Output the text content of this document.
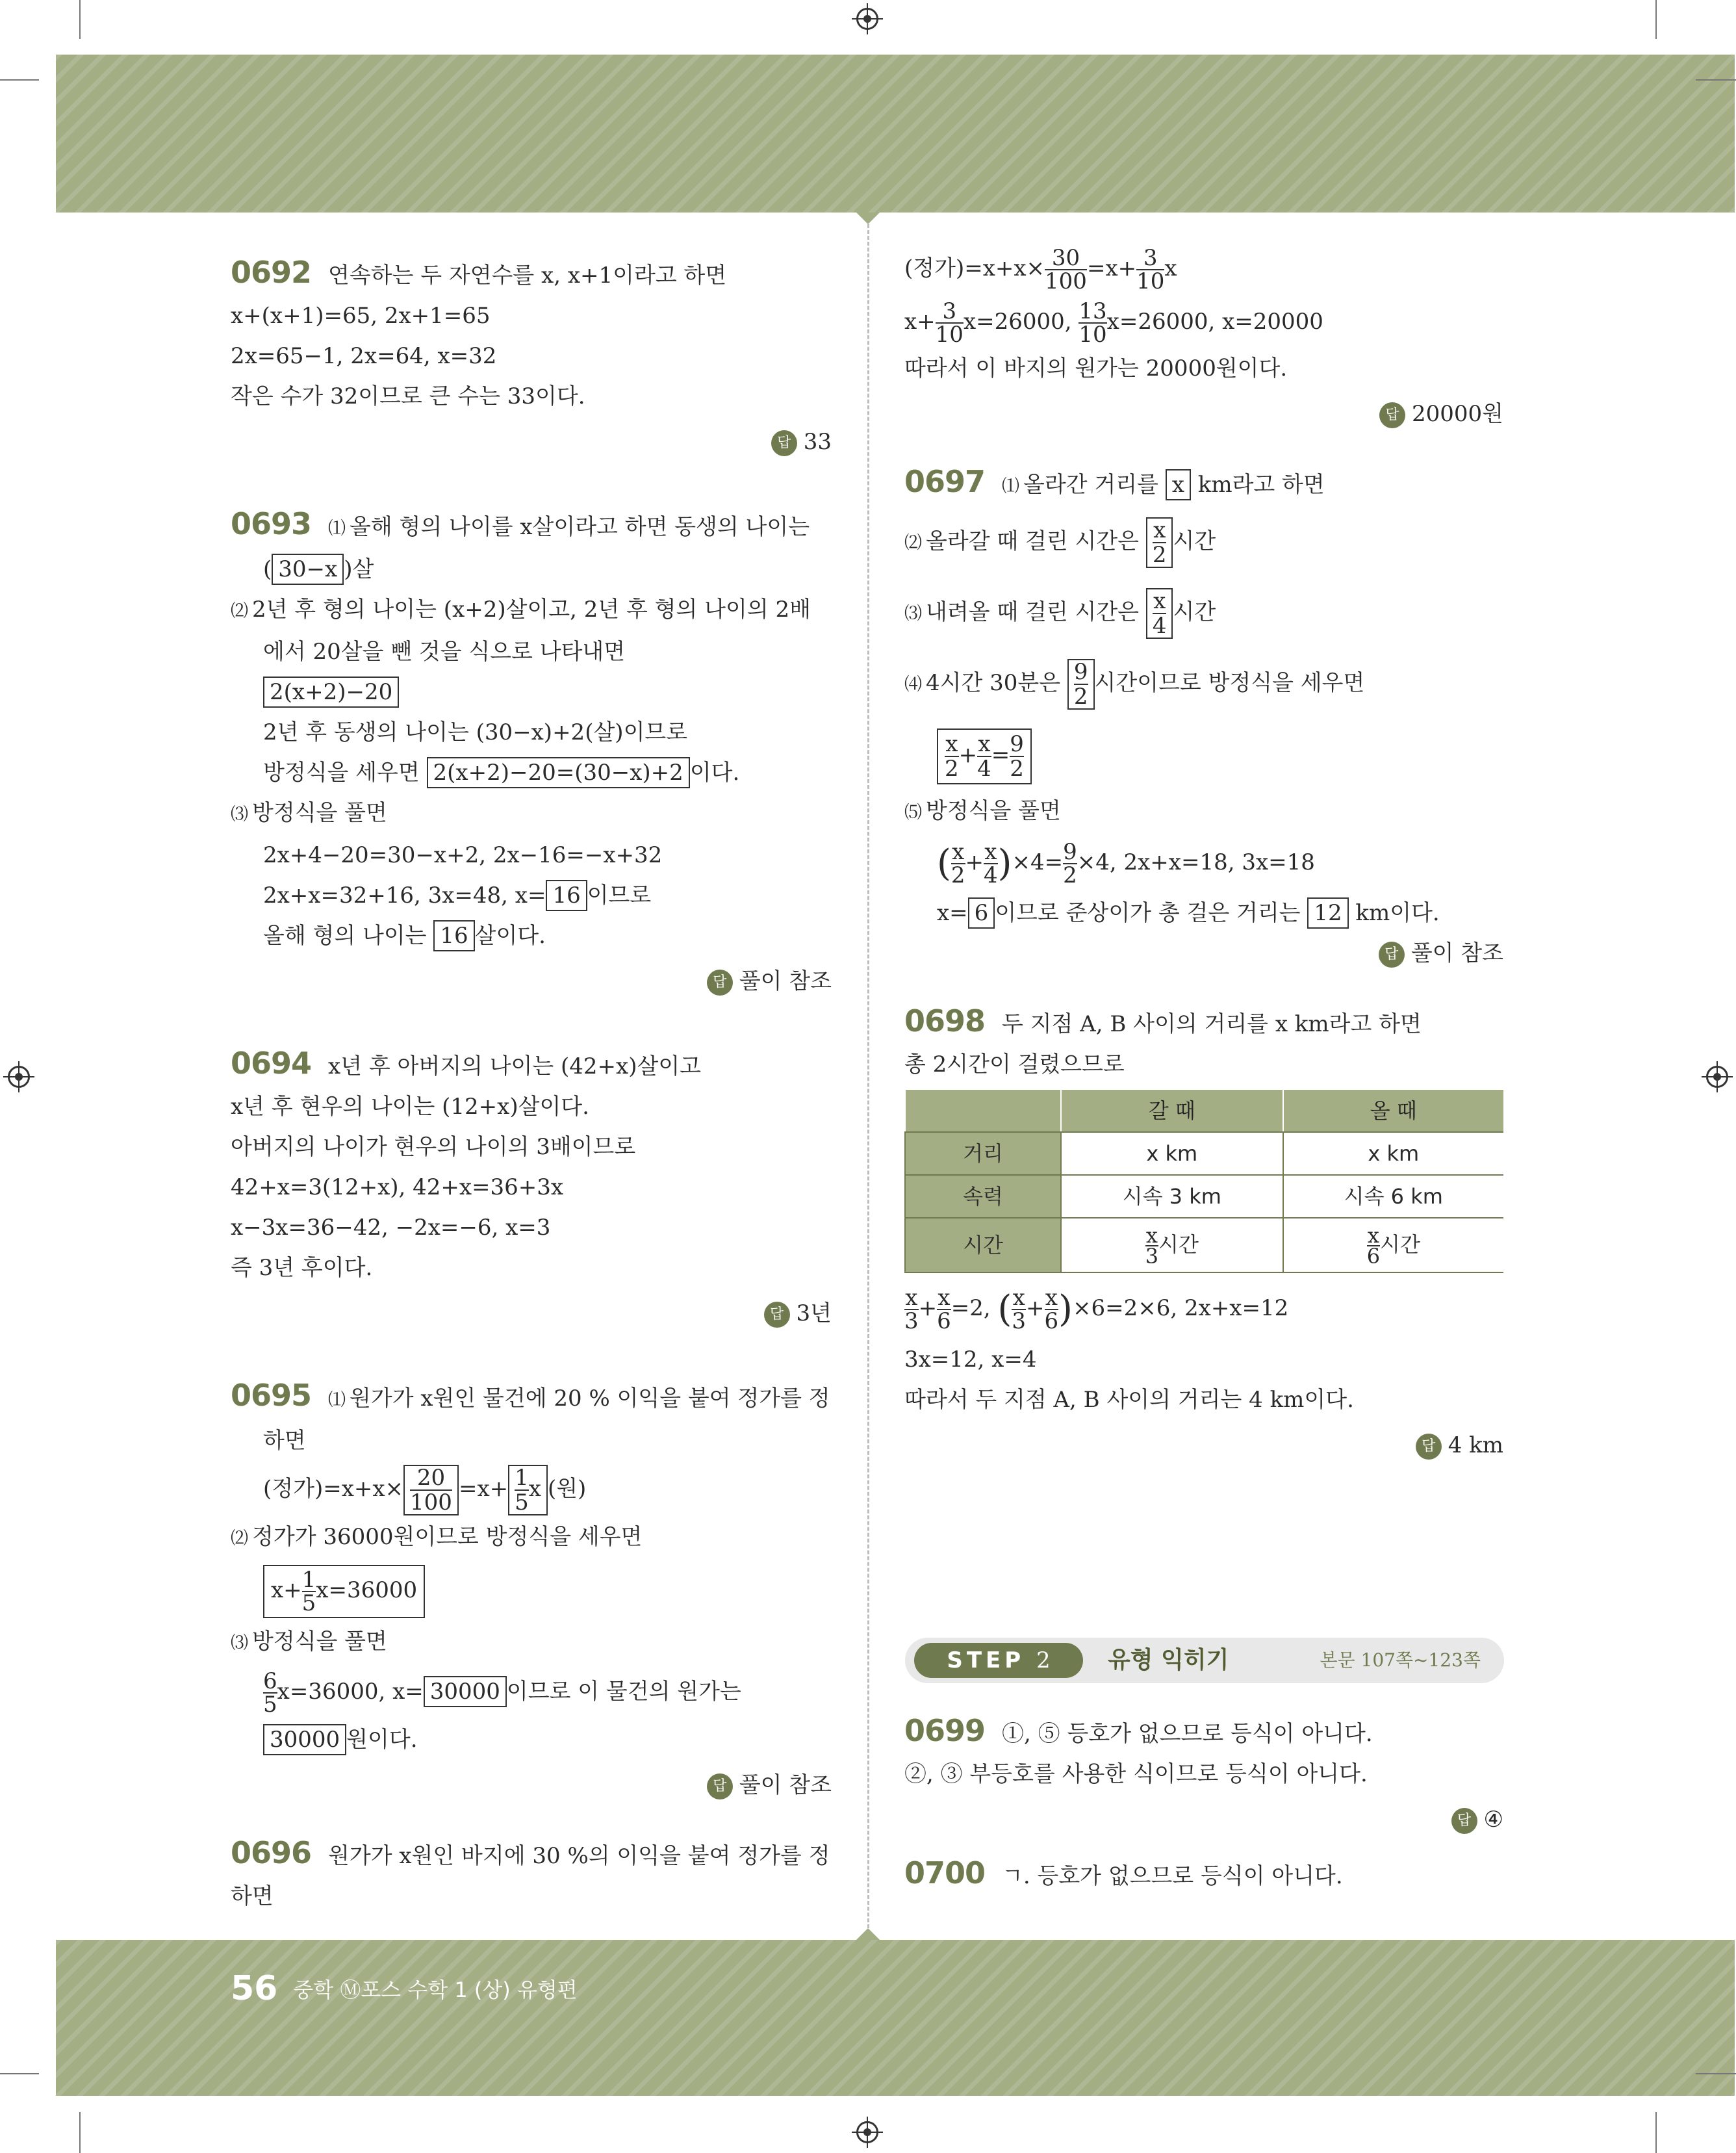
0692 연속하는 두 자연수를 x, x+1이라고 하면
x+(x+1)=65, 2x+1=65
2x=65−1, 2x=64, x=32
작은 수가 32이므로 큰 수는 33이다.
답 33
0693 ⑴ 올해 형의 나이를 x살이라고 하면 동생의 나이는
( 30−x )살
⑵ 2년 후 형의 나이는 (x+2)살이고, 2년 후 형의 나이의 2배
에서 20살을 뺀 것을 식으로 나타내면
2(x+2)−20
2년 후 동생의 나이는 (30−x)+2(살)이므로
방정식을 세우면 2(x+2)−20=(30−x)+2 이다.
⑶ 방정식을 풀면
2x+4−20=30−x+2, 2x−16=−x+32
2x+x=32+16, 3x=48, x= 16 이므로
올해 형의 나이는 16 살이다.
답 풀이 참조
0694 x년 후 아버지의 나이는 (42+x)살이고
x년 후 현우의 나이는 (12+x)살이다.
아버지의 나이가 현우의 나이의 3배이므로
42+x=3(12+x), 42+x=36+3x
x−3x=36−42, −2x=−6, x=3
즉 3년 후이다.
답 3년
0695 ⑴ 원가가 x원인 물건에 20 % 이익을 붙여 정가를 정
하면
(정가)$=x+x\times \frac{20}{100} =x+ \frac{1}{5}$ x (원)
⑵ 정가가 36000원이므로 방정식을 세우면
$x+ \frac{1}{5} x=36000$
⑶ 방정식을 풀면
$\frac{6}{5} x=36000$, x= 30000 이므로 이 물건의 원가는
30000 원이다.
답 풀이 참조
0696 원가가 x원인 바지에 30 %의 이익을 붙여 정가를 정
하면
(정가)$=x+x\times \frac{30}{100} =x+ \frac{3}{10}$ x
$x+ \frac{3}{10} x=26000$, $\frac{13}{10} x=26000$, x=20000
따라서 이 바지의 원가는 20000원이다.
답 20000원
0697 ⑴ 올라간 거리를 x km라고 하면
⑵ 올라갈 때 걸린 시간은 $\frac{x}{2}$ 시간
⑶ 내려올 때 걸린 시간은 $\frac{x}{4}$ 시간
⑷ 4시간 30분은 $\frac{9}{2}$ 시간이므로 방정식을 세우면
$\frac{x}{2} + \frac{x}{4} = \frac{9}{2}$
⑸ 방정식을 풀면
( $\frac{x}{2} + \frac{x}{4} )\times 4= \frac{9}{2} \times 4$, 2x+x=18, 3x=18
x= 6 이므로 준상이가 총 걸은 거리는 12 km이다.
답 풀이 참조
0698 두 지점 A, B 사이의 거리를 x km라고 하면
총 2시간이 걸렸으므로
	갈 때	올 때
거리	x km	x km
속력	시속 3 km	시속 6 km
시간	$\frac{x}{3}$ 시간	$\frac{x}{6}$ 시간
$\frac{x}{3} + \frac{x}{6} =2$, ( $\frac{x}{3} + \frac{x}{6} )\times 6=2\times 6$, 2x+x=12
3x=12, x=4
따라서 두 지점 A, B 사이의 거리는 4 km이다.
답 4 km
STEP 2	유형 익히기	본문 107쪽~123쪽
0699 ①, ⑤ 등호가 없으므로 등식이 아니다.
②, ③ 부등호를 사용한 식이므로 등식이 아니다.
답 ④
0700 ㄱ. 등호가 없으므로 등식이 아니다.
56 중학 Ⓜ포스 수학 1 (상) 유형편
